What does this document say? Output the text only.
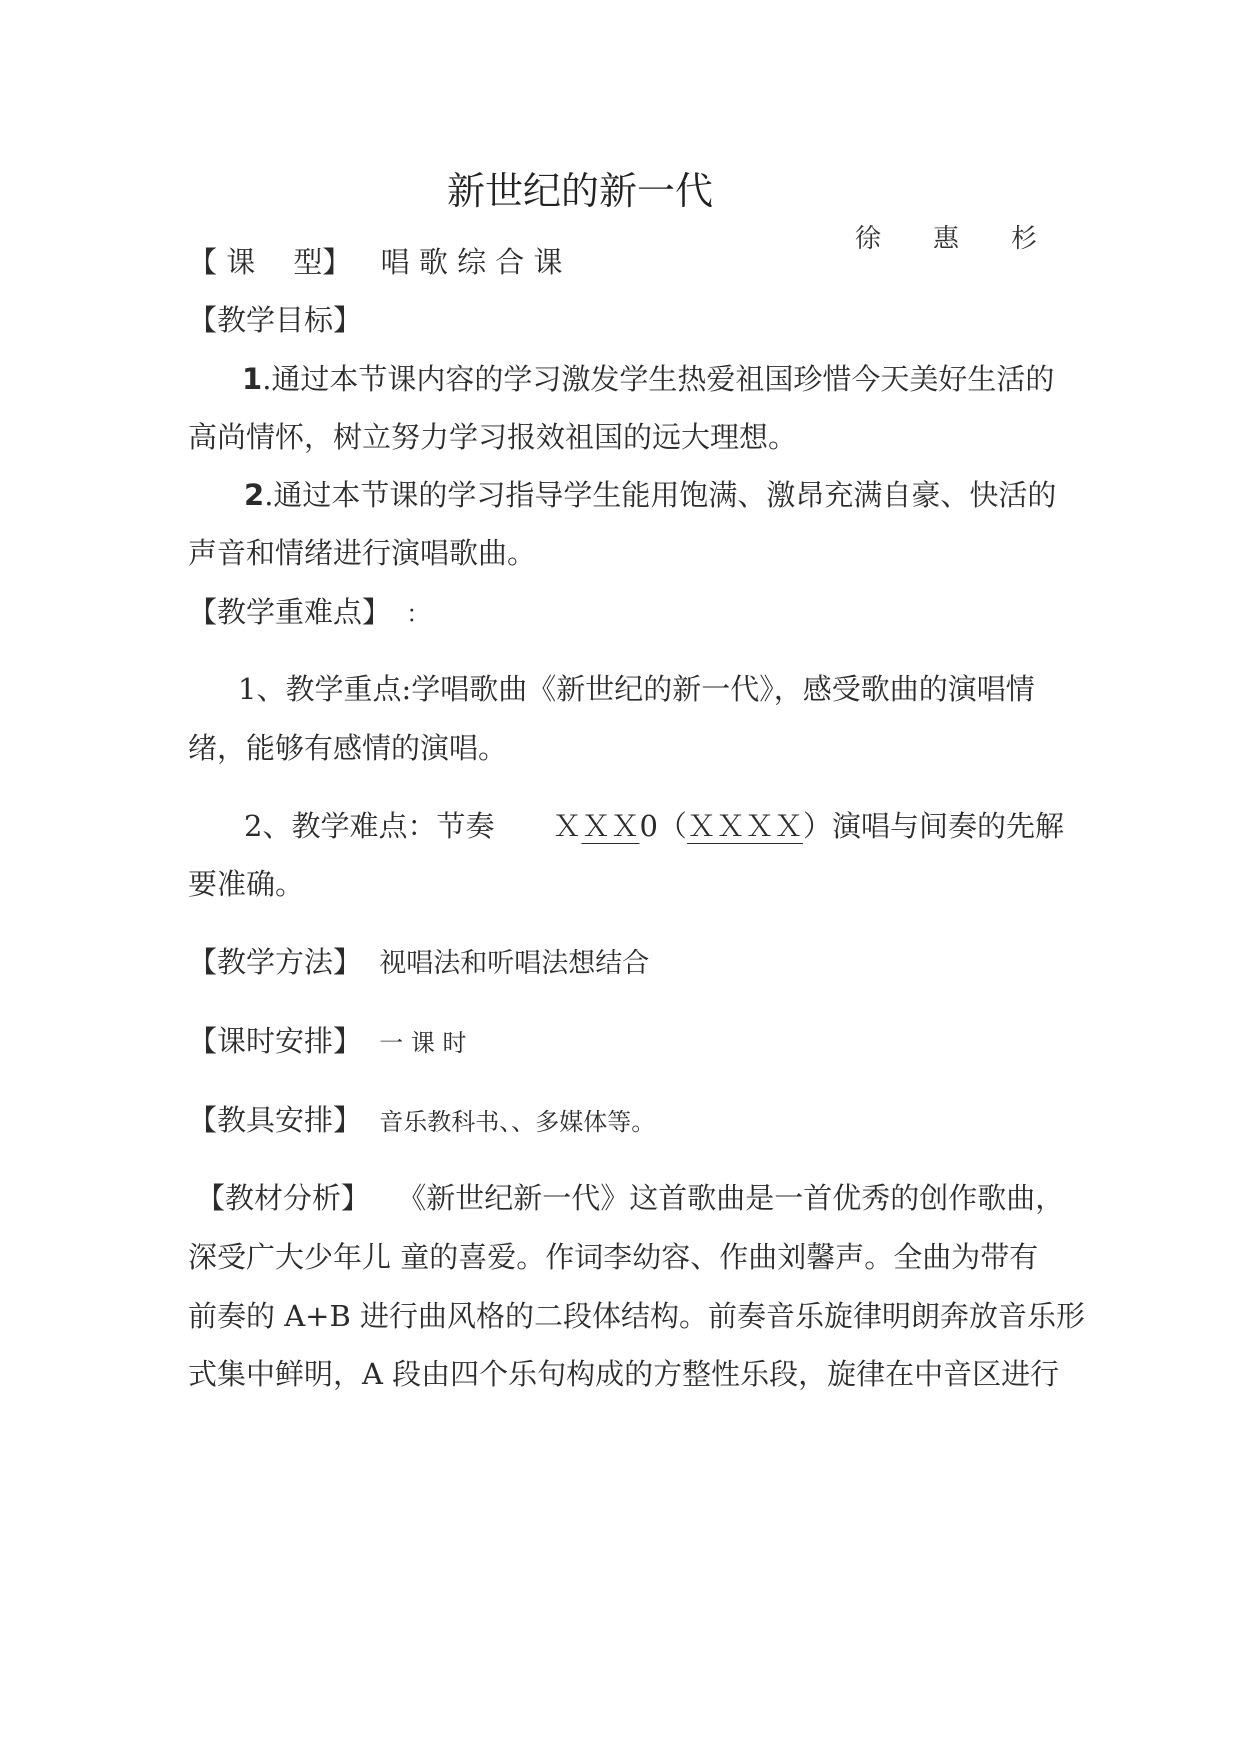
新世纪的新一代
徐惠杉
【 课　 型】 唱 歌 综 合 课
【教学目标】
1.通过本节课内容的学习激发学生热爱祖国珍惜今天美好生活的
高尚情怀，树立努力学习报效祖国的远大理想。
2.通过本节课的学习指导学生能用饱满、激昂充满自豪、快活的
声音和情绪进行演唱歌曲。
【教学重难点】 ：
1、教学重点:学唱歌曲《新世纪的新一代》，感受歌曲的演唱情
绪，能够有感情的演唱。
2、教学难点：节奏　　ＸＸＸ0（ＸＸＸＸ）演唱与间奏的先解
要准确。
【教学方法】 视唱法和听唱法想结合
【课时安排】 一 课 时
【教具安排】 音乐教科书、、多媒体等。
【教材分析】 《新世纪新一代》这首歌曲是一首优秀的创作歌曲，
深受广大少年儿 童的喜爱。作词李幼容、作曲刘馨声。全曲为带有
前奏的 A+B 进行曲风格的二段体结构。前奏音乐旋律明朗奔放音乐形
式集中鲜明，A 段由四个乐句构成的方整性乐段，旋律在中音区进行
